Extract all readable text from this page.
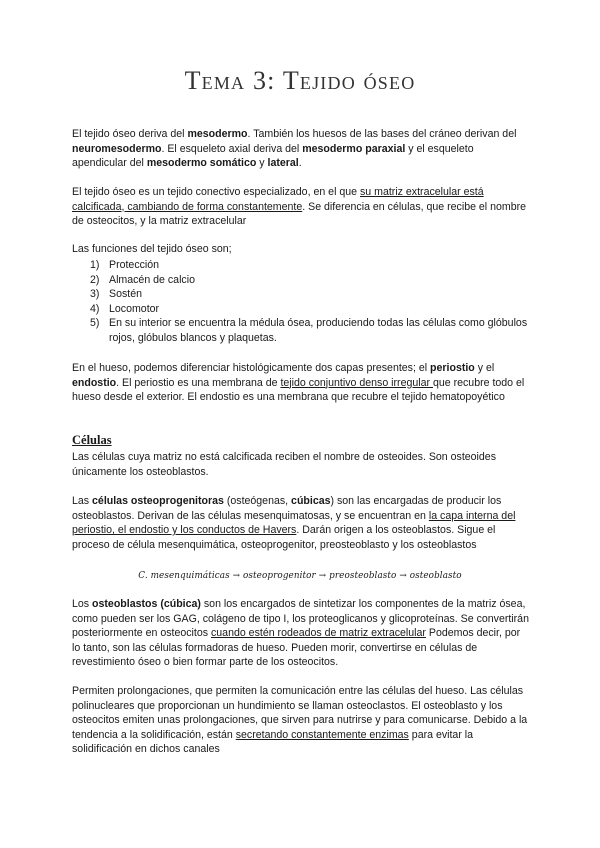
Tema 3: Tejido óseo

El tejido óseo deriva del mesodermo. También los huesos de las bases del cráneo derivan del neuromesodermo. El esqueleto axial deriva del mesodermo paraxial y el esqueleto apendicular del mesodermo somático y lateral.

El tejido óseo es un tejido conectivo especializado, en el que su matriz extracelular está calcificada, cambiando de forma constantemente. Se diferencia en células, que recibe el nombre de osteocitos, y la matriz extracelular

Las funciones del tejido óseo son;

1) Protección
2) Almacén de calcio
3) Sostén
4) Locomotor
5) En su interior se encuentra la médula ósea, produciendo todas las células como glóbulos rojos, glóbulos blancos y plaquetas.

En el hueso, podemos diferenciar histológicamente dos capas presentes; el periostio y el endostio. El periostio es una membrana de tejido conjuntivo denso irregular que recubre todo el hueso desde el exterior. El endostio es una membrana que recubre el tejido hematopoyético

Células

Las células cuya matriz no está calcificada reciben el nombre de osteoides. Son osteoides únicamente los osteoblastos.

Las células osteoprogenitoras (osteógenas, cúbicas) son las encargadas de producir los osteoblastos. Derivan de las células mesenquimatosas, y se encuentran en la capa interna del periostio, el endostio y los conductos de Havers. Darán origen a los osteoblastos. Sigue el proceso de célula mesenquimática, osteoprogenitor, preosteoblasto y los osteoblastos

C. mesenquimáticas → osteoprogenitor → preosteoblasto → osteoblasto

Los osteoblastos (cúbica) son los encargados de sintetizar los componentes de la matriz ósea, como pueden ser los GAG, colágeno de tipo I, los proteoglicanos y glicoproteínas. Se convertirán posteriormente en osteocitos cuando estén rodeados de matriz extracelular Podemos decir, por lo tanto, son las células formadoras de hueso. Pueden morir, convertirse en células de revestimiento óseo o bien formar parte de los osteocitos.

Permiten prolongaciones, que permiten la comunicación entre las células del hueso. Las células polinucleares que proporcionan un hundimiento se llaman osteoclastos. El osteoblasto y los osteocitos emiten unas prolongaciones, que sirven para nutrirse y para comunicarse. Debido a la tendencia a la solidificación, están secretando constantemente enzimas para evitar la solidificación en dichos canales
